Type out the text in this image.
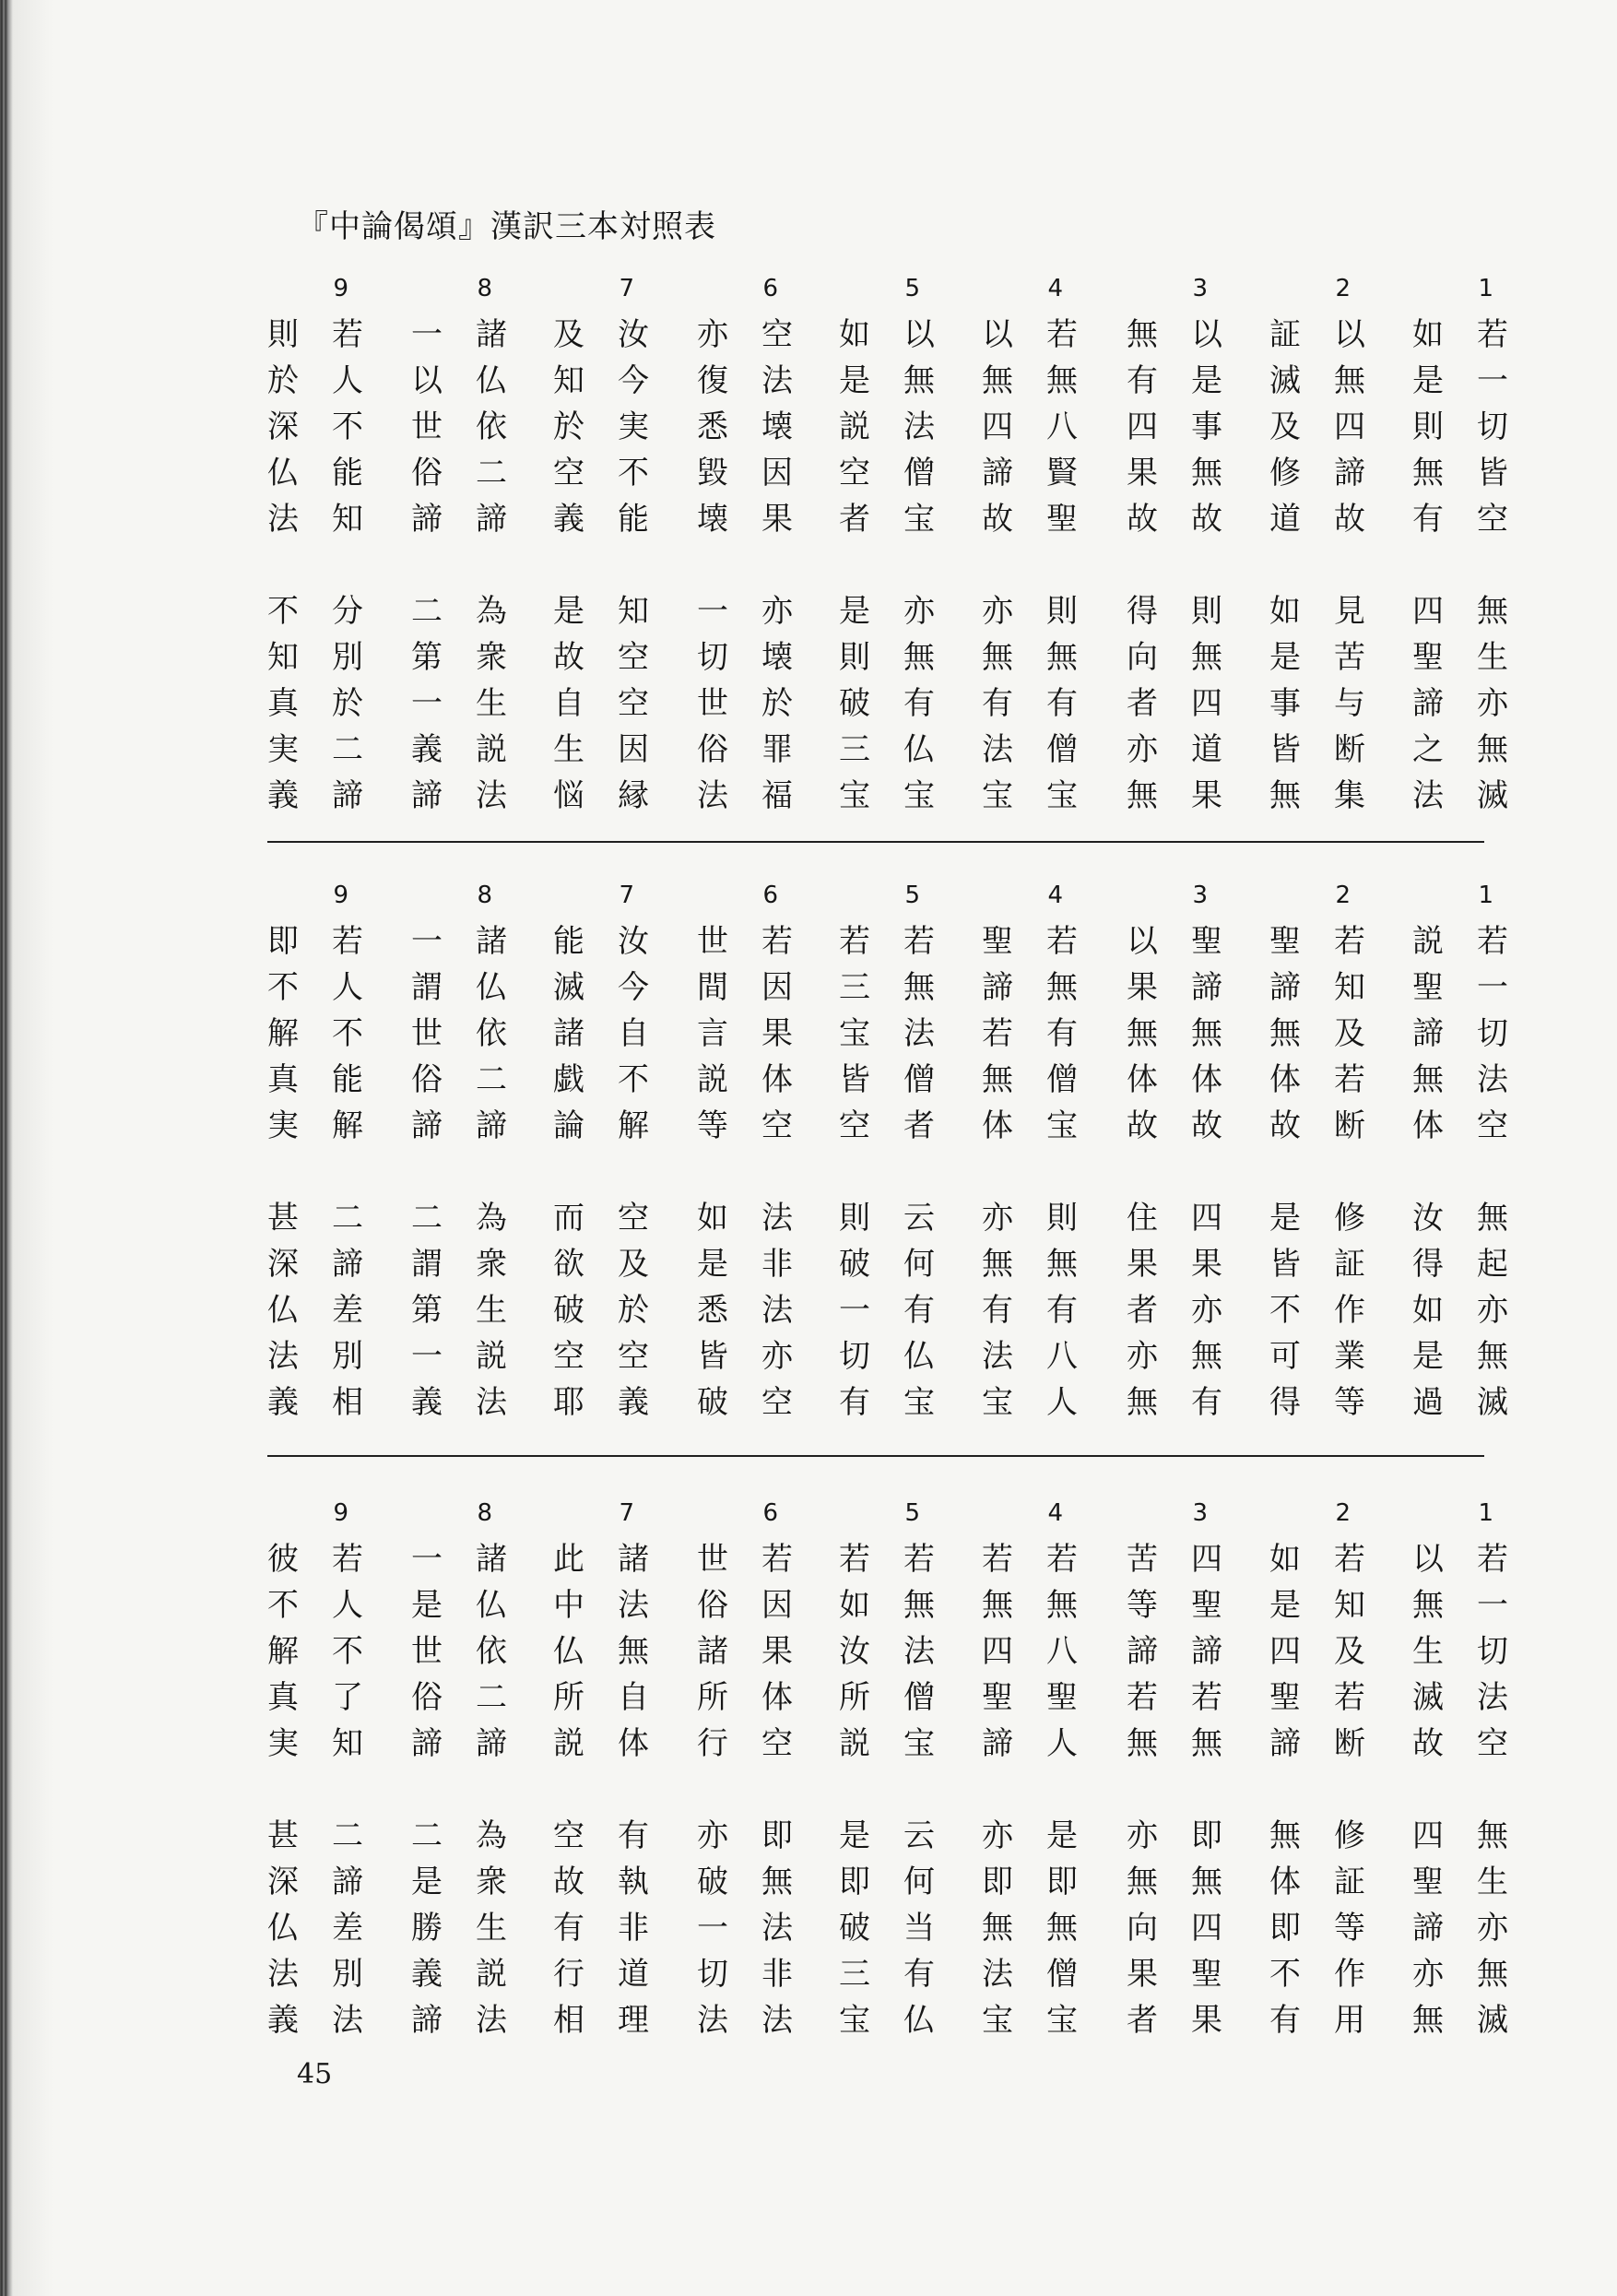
『中論偈頌』漢訳三本対照表
1
如 若
是 一
則 切
無 皆
有 空
四 無
聖 生
諦 亦
之 無
法 滅
2
証 以
滅 無
及 四
修 諦
道 故
如 見
是 苦
事 与
皆 断
無 集
3
無 以
有 是
四 事
果 無
故 故
得 則
向 無
者 四
亦 道
無 果
4
以 若
無 無
四 八
諦 賢
故 聖
亦 則
無 無
有 有
法 僧
宝 宝
5
如 以
是 無
説 法
空 僧
者 宝
是 亦
則 無
破 有
三 仏
宝 宝
6
亦 空
復 法
悉 壊
毀 因
壊 果
一 亦
切 壊
世 於
俗 罪
法 福
7
及 汝
知 今
於 実
空 不
義 能
是 知
故 空
自 空
生 因
悩 縁
8
一 諸
以 仏
世 依
俗 二
諦 諦
二 為
第 衆
一 生
義 説
諦 法
9
則 若
於 人
深 不
仏 能
法 知
不 分
知 別
真 於
実 二
義 諦
1
説 若
聖 一
諦 切
無 法
体 空
汝 無
得 起
如 亦
是 無
過 滅
2
聖 若
諦 知
無 及
体 若
故 断
是 修
皆 証
不 作
可 業
得 等
3
以 聖
果 諦
無 無
体 体
故 故
住 四
果 果
者 亦
亦 無
無 有
4
聖 若
諦 無
若 有
無 僧
体 宝
亦 則
無 無
有 有
法 八
宝 人
5
若 若
三 無
宝 法
皆 僧
空 者
則 云
破 何
一 有
切 仏
有 宝
6
世 若
間 因
言 果
説 体
等 空
如 法
是 非
悉 法
皆 亦
破 空
7
能 汝
滅 今
諸 自
戯 不
論 解
而 空
欲 及
破 於
空 空
耶 義
8
一 諸
謂 仏
世 依
俗 二
諦 諦
二 為
謂 衆
第 生
一 説
義 法
9
即 若
不 人
解 不
真 能
実 解
甚 二
深 諦
仏 差
法 別
義 相
1
以 若
無 一
生 切
滅 法
故 空
四 無
聖 生
諦 亦
亦 無
無 滅
2
如 若
是 知
四 及
聖 若
諦 断
無 修
体 証
即 等
不 作
有 用
3
苦 四
等 聖
諦 諦
若 若
無 無
亦 即
無 無
向 四
果 聖
者 果
4
若 若
無 無
四 八
聖 聖
諦 人
亦 是
即 即
無 無
法 僧
宝 宝
5
若 若
如 無
汝 法
所 僧
説 宝
是 云
即 何
破 当
三 有
宝 仏
6
世 若
俗 因
諸 果
所 体
行 空
亦 即
破 無
一 法
切 非
法 法
7
此 諸
中 法
仏 無
所 自
説 体
空 有
故 執
有 非
行 道
相 理
8
一 諸
是 仏
世 依
俗 二
諦 諦
二 為
是 衆
勝 生
義 説
諦 法
9
彼 若
不 人
解 不
真 了
実 知
甚 二
深 諦
仏 差
法 別
義 法
45
